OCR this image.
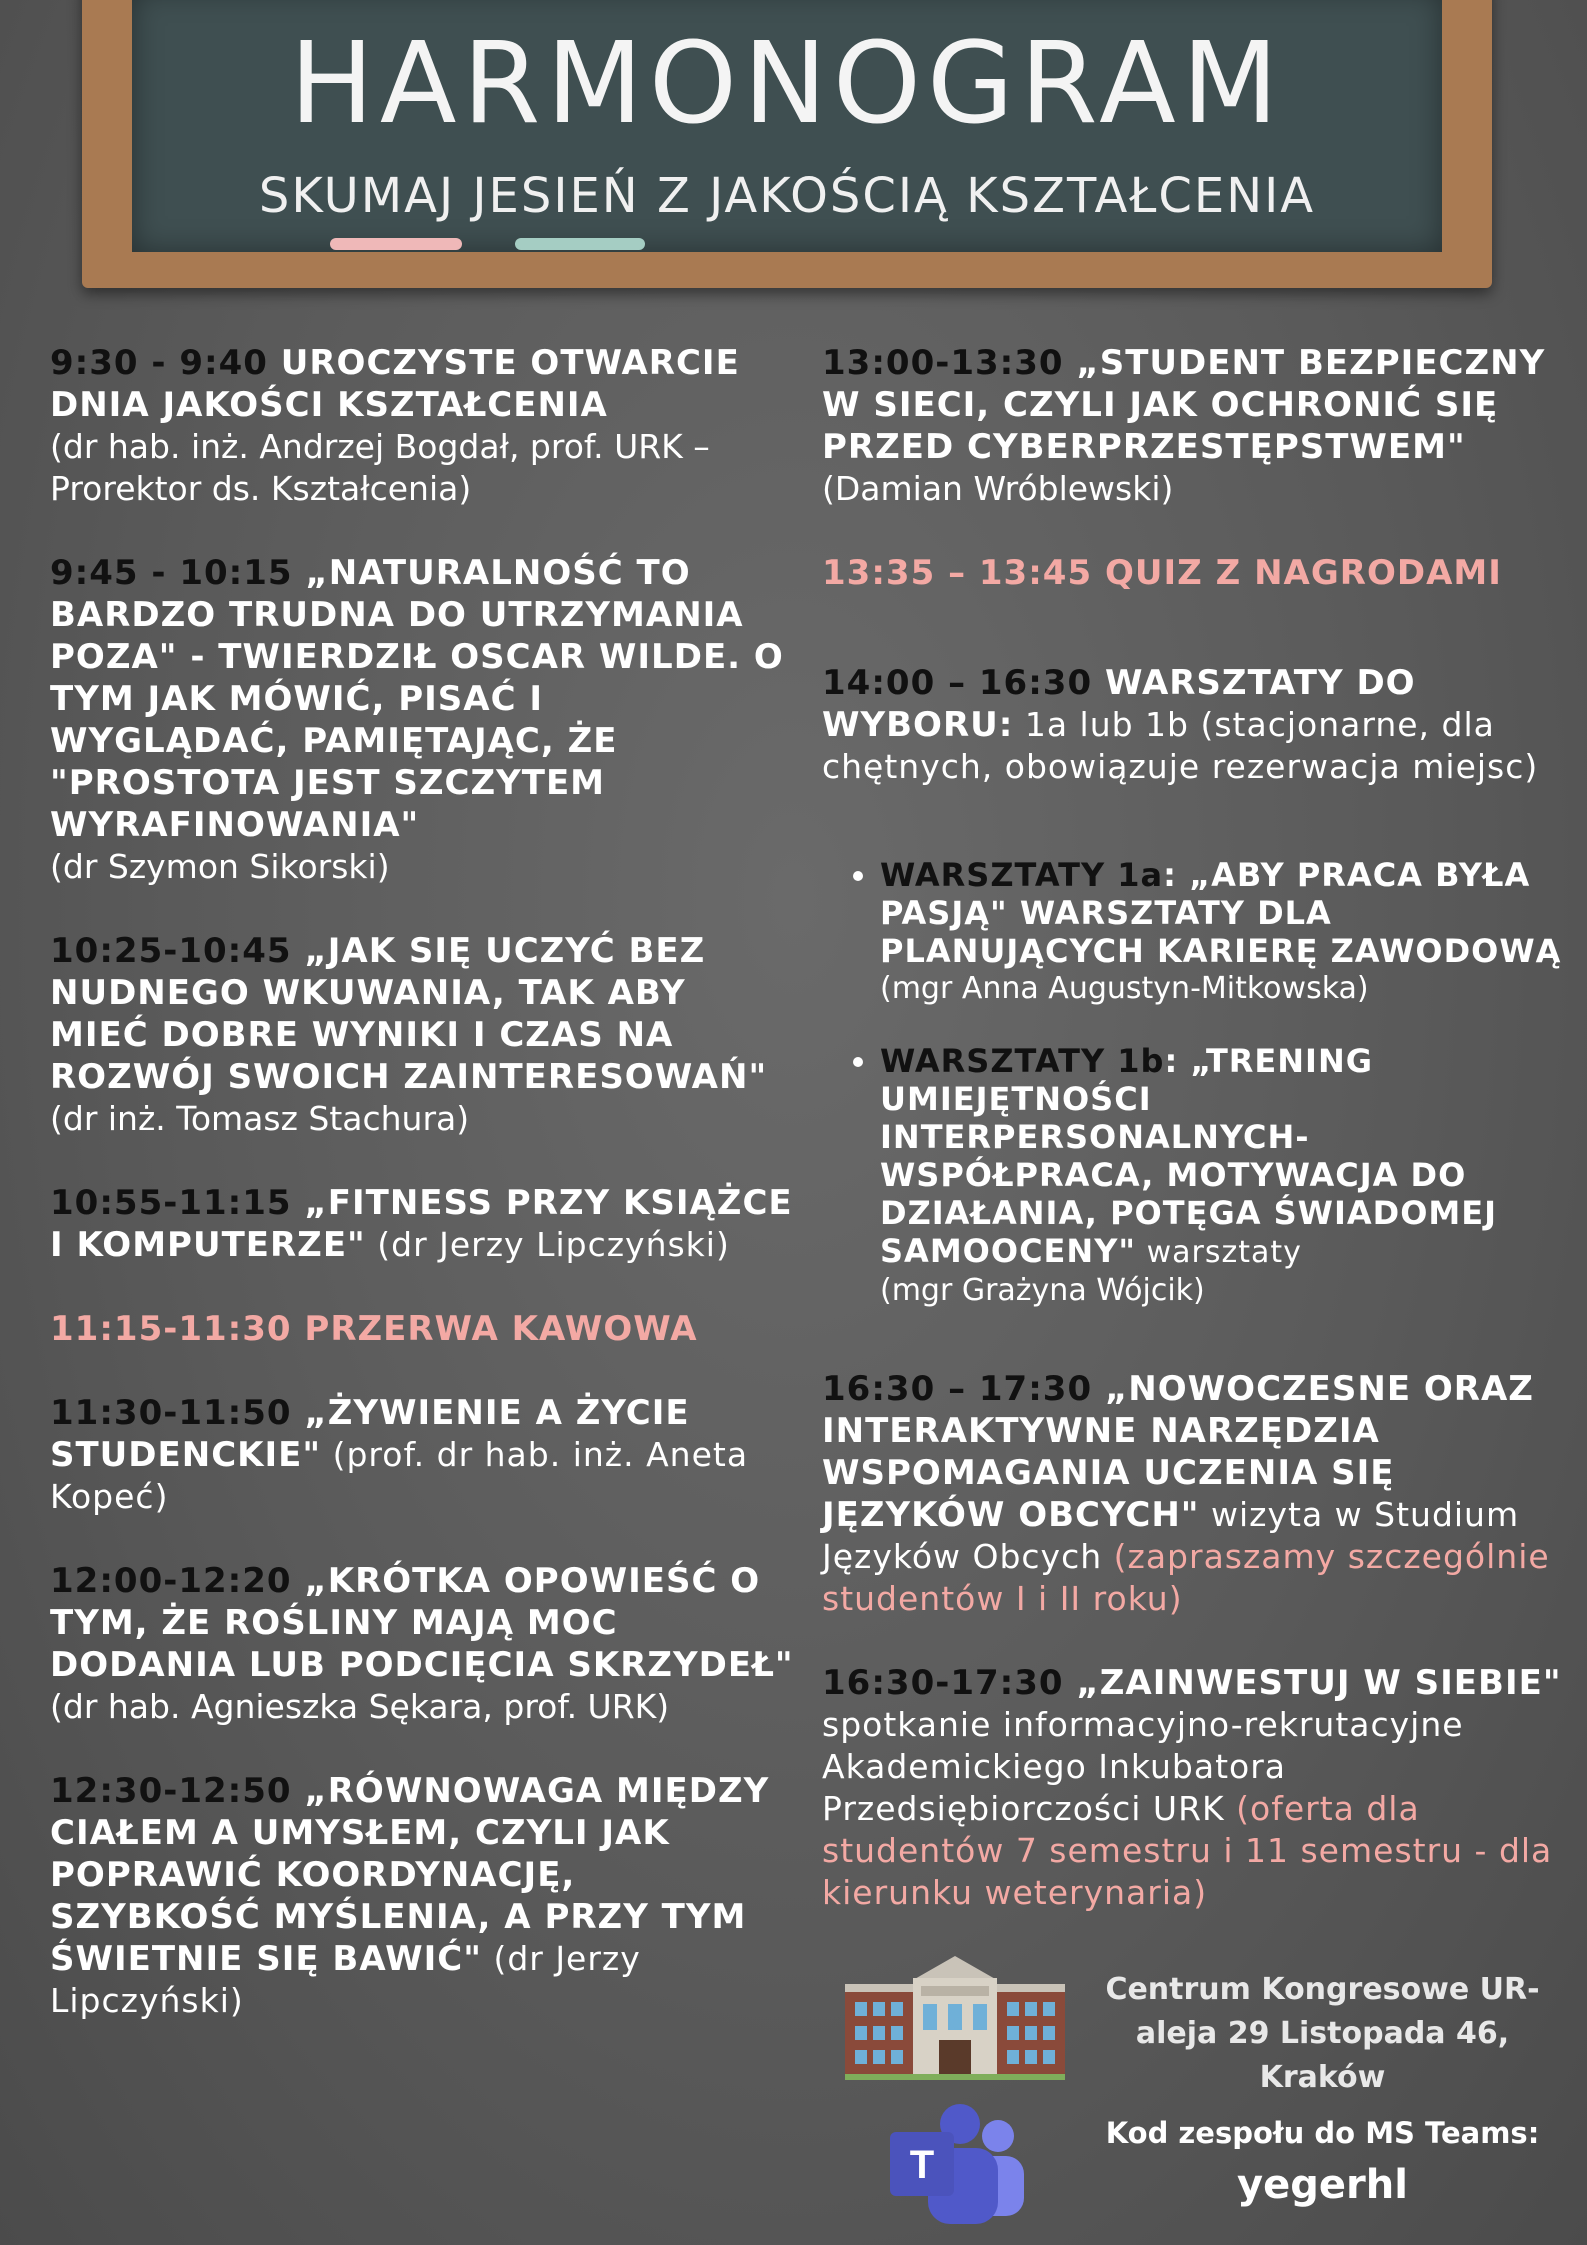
HARMONOGRAM
SKUMAJ JESIEŃ Z JAKOŚCIĄ KSZTAŁCENIA
9:30 - 9:40 UROCZYSTE OTWARCIE DNIA JAKOŚCI KSZTAŁCENIA
(dr hab. inż. Andrzej Bogdał, prof. URK – Prorektor ds. Kształcenia)
9:45 - 10:15 „NATURALNOŚĆ TO BARDZO TRUDNA DO UTRZYMANIA POZA" - TWIERDZIŁ OSCAR WILDE. O TYM JAK MÓWIĆ, PISAĆ I WYGLĄDAĆ, PAMIĘTAJĄC, ŻE "PROSTOTA JEST SZCZYTEM WYRAFINOWANIA"
(dr Szymon Sikorski)
10:25-10:45 „JAK SIĘ UCZYĆ BEZ NUDNEGO WKUWANIA, TAK ABY MIEĆ DOBRE WYNIKI I CZAS NA ROZWÓJ SWOICH ZAINTERESOWAŃ"
(dr inż. Tomasz Stachura)
10:55-11:15 „FITNESS PRZY KSIĄŻCE I KOMPUTERZE" (dr Jerzy Lipczyński)
11:15-11:30 PRZERWA KAWOWA
11:30-11:50 „ŻYWIENIE A ŻYCIE STUDENCKIE" (prof. dr hab. inż. Aneta Kopeć)
12:00-12:20 „KRÓTKA OPOWIEŚĆ O TYM, ŻE ROŚLINY MAJĄ MOC DODANIA LUB PODCIĘCIA SKRZYDEŁ"
(dr hab. Agnieszka Sękara, prof. URK)
12:30-12:50 „RÓWNOWAGA MIĘDZY CIAŁEM A UMYSŁEM, CZYLI JAK POPRAWIĆ KOORDYNACJĘ, SZYBKOŚĆ MYŚLENIA, A PRZY TYM ŚWIETNIE SIĘ BAWIĆ" (dr Jerzy Lipczyński)
13:00-13:30 „STUDENT BEZPIECZNY W SIECI, CZYLI JAK OCHRONIĆ SIĘ PRZED CYBERPRZESTĘPSTWEM"
(Damian Wróblewski)
13:35 – 13:45 QUIZ Z NAGRODAMI
14:00 – 16:30 WARSZTATY DO WYBORU: 1a lub 1b (stacjonarne, dla chętnych, obowiązuje rezerwacja miejsc)
• WARSZTATY 1a: „ABY PRACA BYŁA PASJĄ" WARSZTATY DLA PLANUJĄCYCH KARIERĘ ZAWODOWĄ
(mgr Anna Augustyn-Mitkowska)
• WARSZTATY 1b: „TRENING UMIEJĘTNOŚCI INTERPERSONALNYCH- WSPÓŁPRACA, MOTYWACJA DO DZIAŁANIA, POTĘGA ŚWIADOMEJ SAMOOCENY" warsztaty
(mgr Grażyna Wójcik)
16:30 – 17:30 „NOWOCZESNE ORAZ INTERAKTYWNE NARZĘDZIA WSPOMAGANIA UCZENIA SIĘ JĘZYKÓW OBCYCH" wizyta w Studium Języków Obcych (zapraszamy szczególnie studentów I i II roku)
16:30-17:30 „ZAINWESTUJ W SIEBIE" spotkanie informacyjno-rekrutacyjne Akademickiego Inkubatora Przedsiębiorczości URK (oferta dla studentów 7 semestru i 11 semestru - dla kierunku weterynaria)
Centrum Kongresowe UR-
aleja 29 Listopada 46, Kraków
T
Kod zespołu do MS Teams:
yegerhl
